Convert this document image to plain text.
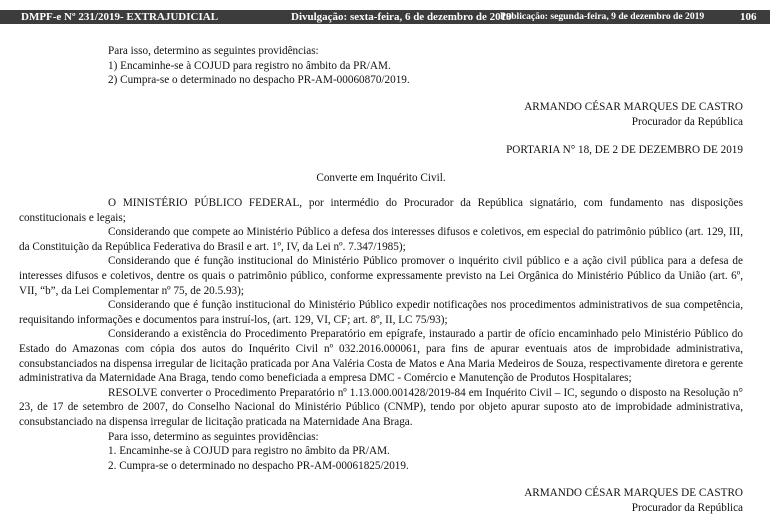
DMPF-e Nº 231/2019- EXTRAJUDICIAL	Divulgação: sexta-feira, 6 de dezembro de 2019
Publicação: segunda-feira, 9 de dezembro de 2019	106
Para isso, determino as seguintes providências:
1) Encaminhe-se à COJUD para registro no âmbito da PR/AM.
2) Cumpra-se o determinado no despacho PR-AM-00060870/2019.
ARMANDO CÉSAR MARQUES DE CASTRO
Procurador da República
PORTARIA N° 18, DE 2 DE DEZEMBRO DE 2019
Converte em Inquérito Civil.

O MINISTÉRIO PÚBLICO FEDERAL, por intermédio do Procurador da República signatário, com fundamento nas disposições constitucionais e legais;

Considerando que compete ao Ministério Público a defesa dos interesses difusos e coletivos, em especial do patrimônio público (art. 129, III, da Constituição da República Federativa do Brasil e art. 1º, IV, da Lei nº. 7.347/1985);

Considerando que é função institucional do Ministério Público promover o inquérito civil público e a ação civil pública para a defesa de interesses difusos e coletivos, dentre os quais o patrimônio público, conforme expressamente previsto na Lei Orgânica do Ministério Público da União (art. 6º, VII, “b”, da Lei Complementar nº 75, de 20.5.93);

Considerando que é função institucional do Ministério Público expedir notificações nos procedimentos administrativos de sua competência, requisitando informações e documentos para instruí-los, (art. 129, VI, CF; art. 8º, II, LC 75/93);

Considerando a existência do Procedimento Preparatório em epígrafe, instaurado a partir de ofício encaminhado pelo Ministério Público do Estado do Amazonas com cópia dos autos do Inquérito Civil nº 032.2016.000061, para fins de apurar eventuais atos de improbidade administrativa, consubstanciados na dispensa irregular de licitação praticada por Ana Valéria Costa de Matos e Ana Maria Medeiros de Souza, respectivamente diretora e gerente administrativa da Maternidade Ana Braga, tendo como beneficiada a empresa DMC - Comércio e Manutenção de Produtos Hospitalares;

RESOLVE converter o Procedimento Preparatório nº 1.13.000.001428/2019-84 em Inquérito Civil – IC, segundo o disposto na Resolução n° 23, de 17 de setembro de 2007, do Conselho Nacional do Ministério Público (CNMP), tendo por objeto apurar suposto ato de improbidade administrativa, consubstanciado na dispensa irregular de licitação praticada na Maternidade Ana Braga.

Para isso, determino as seguintes providências:
1. Encaminhe-se à COJUD para registro no âmbito da PR/AM.
2. Cumpra-se o determinado no despacho PR-AM-00061825/2019.
ARMANDO CÉSAR MARQUES DE CASTRO
Procurador da República
